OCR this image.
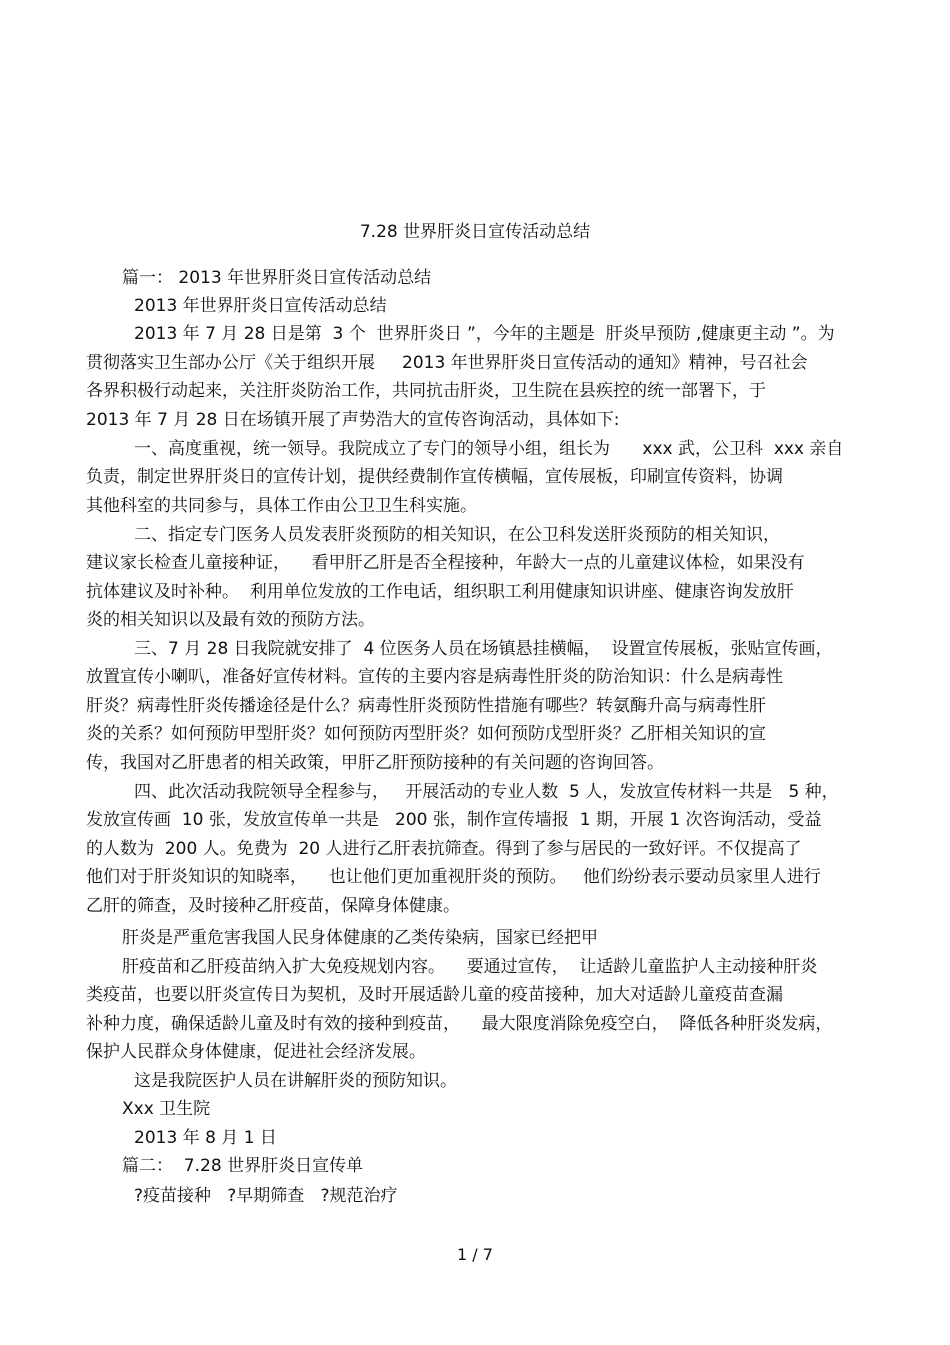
7.28 世界肝炎日宣传活动总结
篇一： 2013 年世界肝炎日宣传活动总结
2013 年世界肝炎日宣传活动总结
2013 年 7 月 28 日是第  3 个  世界肝炎日 ”，今年的主题是  肝炎早预防 ,健康更主动 ”。为
贯彻落实卫生部办公厅《关于组织开展     2013 年世界肝炎日宣传活动的通知》精神，号召社会
各界积极行动起来，关注肝炎防治工作，共同抗击肝炎，卫生院在县疾控的统一部署下，于
2013 年 7 月 28 日在场镇开展了声势浩大的宣传咨询活动，具体如下:
一、高度重视，统一领导。我院成立了专门的领导小组，组长为      xxx 武，公卫科  xxx 亲自
负责，制定世界肝炎日的宣传计划，提供经费制作宣传横幅，宣传展板，印刷宣传资料，协调
其他科室的共同参与，具体工作由公卫卫生科实施。
二、指定专门医务人员发表肝炎预防的相关知识，在公卫科发送肝炎预防的相关知识，
建议家长检查儿童接种证，    看甲肝乙肝是否全程接种，年龄大一点的儿童建议体检，如果没有
抗体建议及时补种。  利用单位发放的工作电话，组织职工利用健康知识讲座、健康咨询发放肝
炎的相关知识以及最有效的预防方法。
三、7 月 28 日我院就安排了  4 位医务人员在场镇悬挂横幅，  设置宣传展板，张贴宣传画，
放置宣传小喇叭，准备好宣传材料。宣传的主要内容是病毒性肝炎的防治知识：什么是病毒性
肝炎？病毒性肝炎传播途径是什么？病毒性肝炎预防性措施有哪些？转氨酶升高与病毒性肝
炎的关系？如何预防甲型肝炎？如何预防丙型肝炎？如何预防戊型肝炎？乙肝相关知识的宣
传，我国对乙肝患者的相关政策，甲肝乙肝预防接种的有关问题的咨询回答。
四、此次活动我院领导全程参与，   开展活动的专业人数  5 人，发放宣传材料一共是   5 种，
发放宣传画  10 张，发放宣传单一共是   200 张，制作宣传墙报  1 期，开展 1 次咨询活动，受益
的人数为  200 人。免费为  20 人进行乙肝表抗筛查。得到了参与居民的一致好评。不仅提高了
他们对于肝炎知识的知晓率，    也让他们更加重视肝炎的预防。   他们纷纷表示要动员家里人进行
乙肝的筛查，及时接种乙肝疫苗，保障身体健康。
肝炎是严重危害我国人民身体健康的乙类传染病，国家已经把甲
肝疫苗和乙肝疫苗纳入扩大免疫规划内容。    要通过宣传，  让适龄儿童监护人主动接种肝炎
类疫苗，也要以肝炎宣传日为契机，及时开展适龄儿童的疫苗接种，加大对适龄儿童疫苗查漏
补种力度，确保适龄儿童及时有效的接种到疫苗，    最大限度消除免疫空白，  降低各种肝炎发病，
保护人民群众身体健康，促进社会经济发展。
这是我院医护人员在讲解肝炎的预防知识。
Xxx 卫生院
2013 年 8 月 1 日
篇二：  7.28 世界肝炎日宣传单
?疫苗接种   ?早期筛查   ?规范治疗
1 / 7
